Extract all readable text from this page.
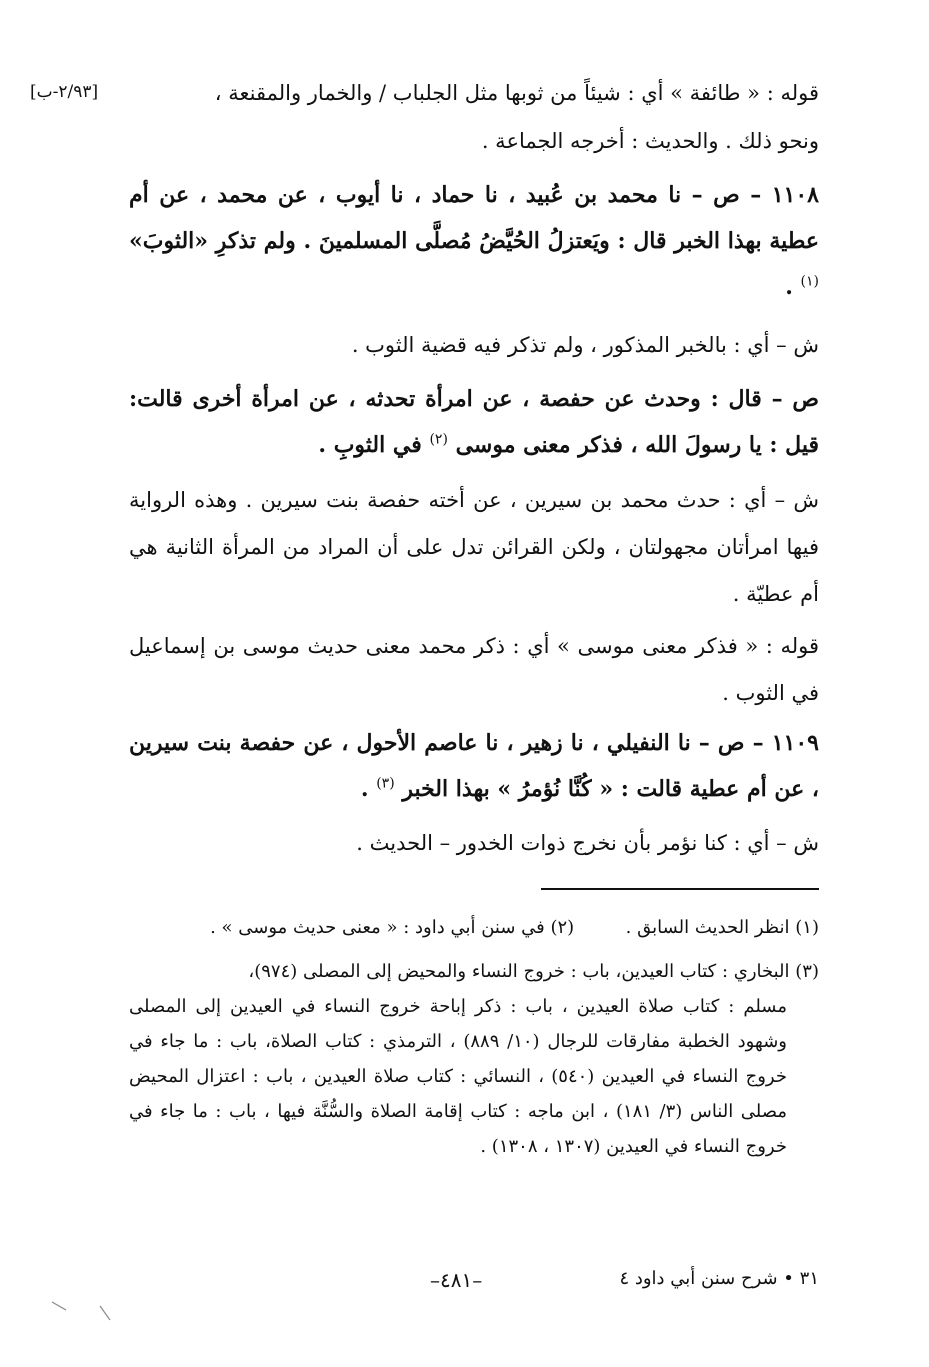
قوله : « طائفة » أي : شيئاً من ثوبها مثل الجلباب / والخمار والمقنعة ،

[٢/٩٣-ب]

ونحو ذلك . والحديث : أخرجه الجماعة .

١١٠٨ – ص – نا محمد بن عُبيد ، نا حماد ، نا أيوب ، عن محمد ، عن أم عطية بهذا الخبر قال : ويَعتزلُ الحُيَّضُ مُصلَّى المسلمينَ . ولم تذكرِ «الثوبَ» $^{(١)}$ .

ش – أي : بالخبر المذكور ، ولم تذكر فيه قضية الثوب .

ص – قال : وحدث عن حفصة ، عن امرأة تحدثه ، عن امرأة أخرى قالت: قيل : يا رسولَ الله ، فذكر معنى موسى $^{(٢)}$ في الثوبِ .

ش – أي : حدث محمد بن سيرين ، عن أخته حفصة بنت سيرين . وهذه الرواية فيها امرأتان مجهولتان ، ولكن القرائن تدل على أن المراد من المرأة الثانية هي أم عطيّة .

قوله : « فذكر معنى موسى » أي : ذكر محمد معنى حديث موسى بن إسماعيل في الثوب .

١١٠٩ – ص – نا النفيلي ، نا زهير ، نا عاصم الأحول ، عن حفصة بنت سيرين ، عن أم عطية قالت : « كُنَّا نُؤمرُ » بهذا الخبر $^{(٣)}$ .

ش – أي : كنا نؤمر بأن نخرج ذوات الخدور – الحديث .

(١) انظر الحديث السابق .  (٢) في سنن أبي داود : « معنى حديث موسى » .

(٣) البخاري : كتاب العيدين، باب : خروج النساء والمحيض إلى المصلى (٩٧٤)،

مسلم : كتاب صلاة العيدين ، باب : ذكر إباحة خروج النساء في العيدين إلى المصلى وشهود الخطبة مفارقات للرجال (١٠/ ٨٨٩) ، الترمذي : كتاب الصلاة، باب : ما جاء في خروج النساء في العيدين (٥٤٠) ، النسائي : كتاب صلاة العيدين ، باب : اعتزال المحيض مصلى الناس (٣/ ١٨١) ، ابن ماجه : كتاب إقامة الصلاة والسُّنَّة فيها ، باب : ما جاء في خروج النساء في العيدين (١٣٠٧ ، ١٣٠٨) .

–٤٨١–	٣١ • شرح سنن أبي داود ٤
